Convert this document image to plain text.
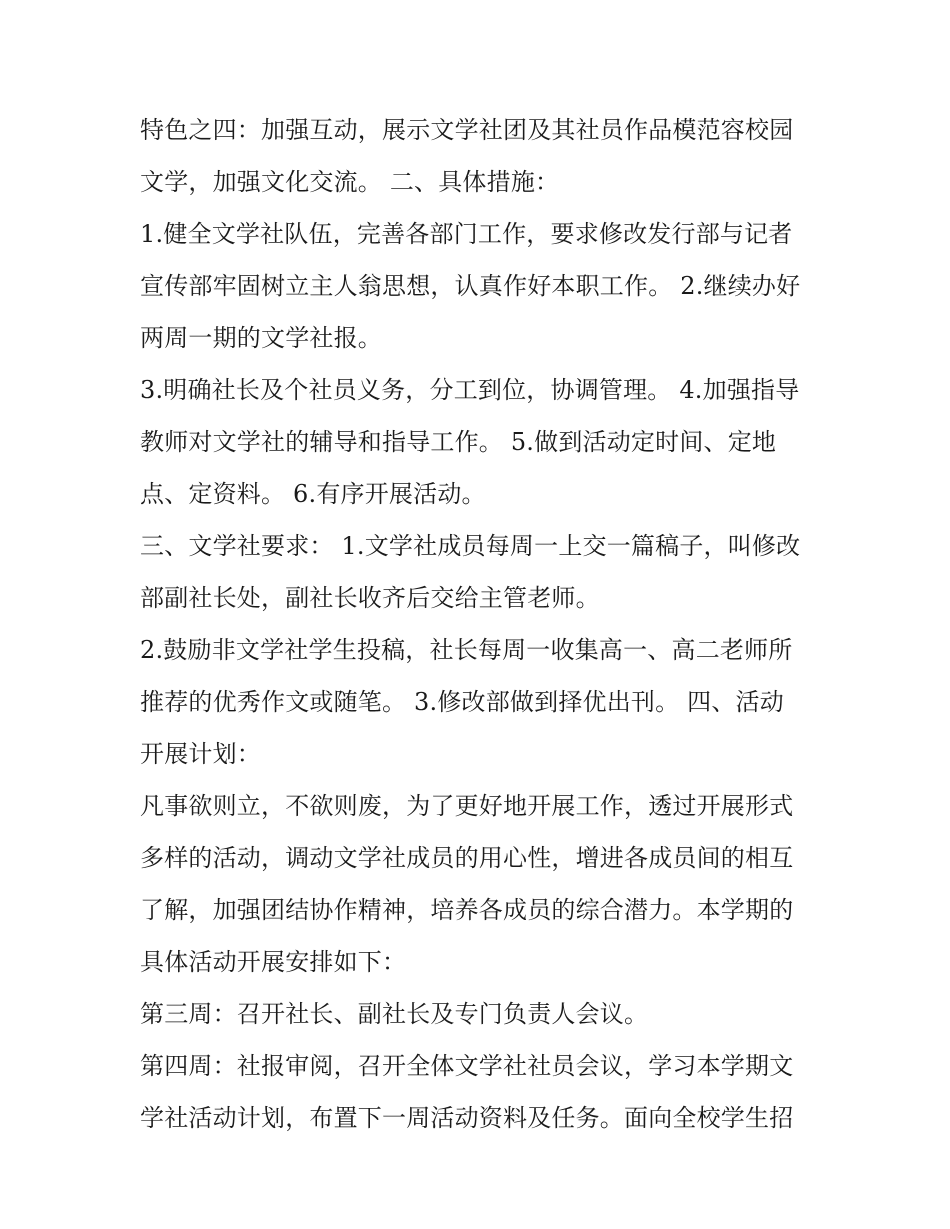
特色之四：加强互动，展示文学社团及其社员作品模范容校园
文学，加强文化交流。 二、具体措施：
1.健全文学社队伍，完善各部门工作，要求修改发行部与记者
宣传部牢固树立主人翁思想，认真作好本职工作。 2.继续办好
两周一期的文学社报。
3.明确社长及个社员义务，分工到位，协调管理。 4.加强指导
教师对文学社的辅导和指导工作。 5.做到活动定时间、定地
点、定资料。 6.有序开展活动。
三、文学社要求： 1.文学社成员每周一上交一篇稿子，叫修改
部副社长处，副社长收齐后交给主管老师。
2.鼓励非文学社学生投稿，社长每周一收集高一、高二老师所
推荐的优秀作文或随笔。 3.修改部做到择优出刊。 四、活动
开展计划：
凡事欲则立，不欲则废，为了更好地开展工作，透过开展形式
多样的活动，调动文学社成员的用心性，增进各成员间的相互
了解，加强团结协作精神，培养各成员的综合潜力。本学期的
具体活动开展安排如下：
第三周：召开社长、副社长及专门负责人会议。
第四周：社报审阅，召开全体文学社社员会议，学习本学期文
学社活动计划，布置下一周活动资料及任务。面向全校学生招
